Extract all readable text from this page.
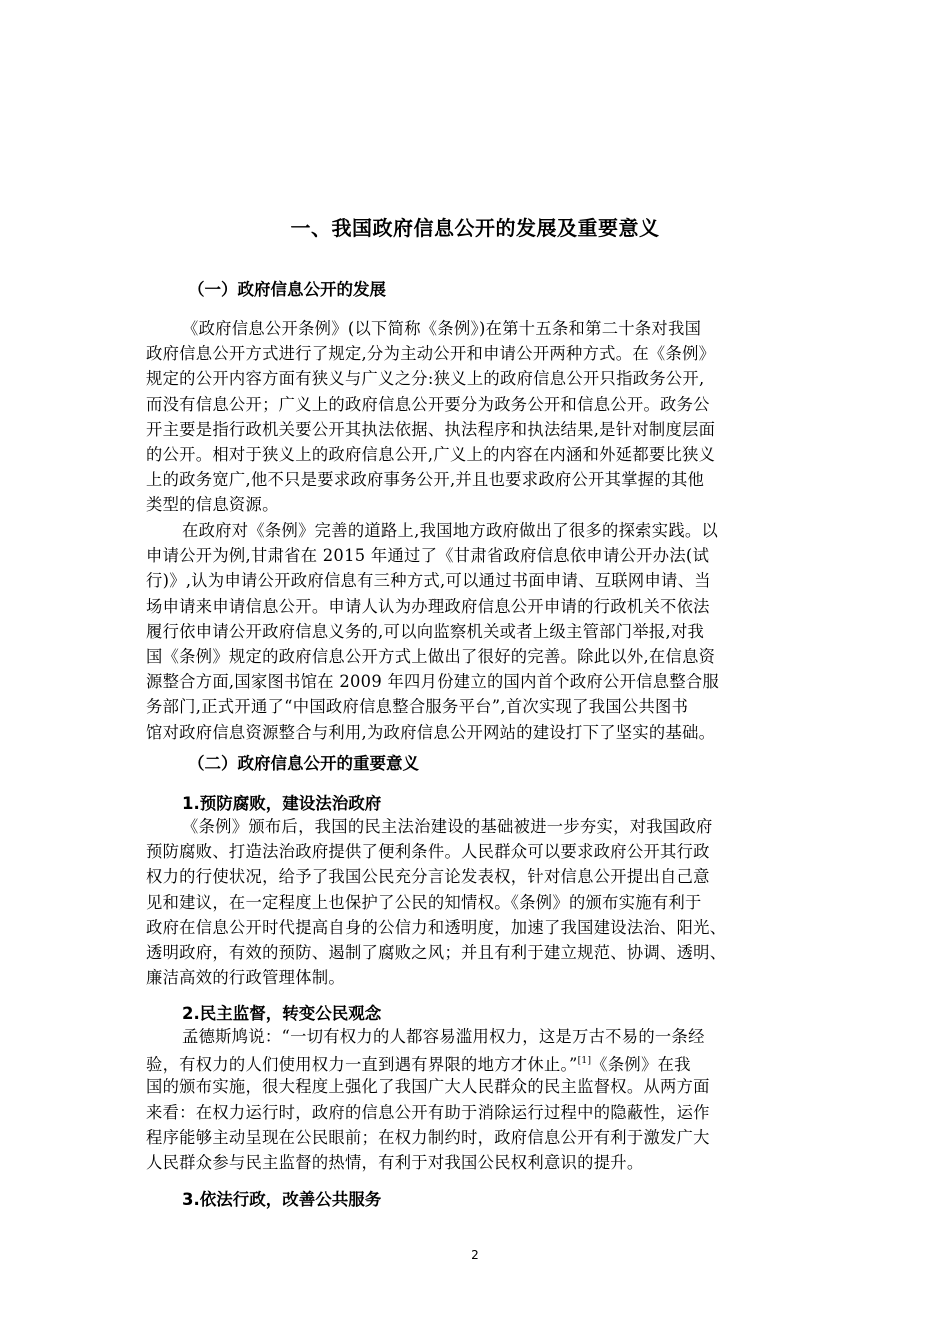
一、我国政府信息公开的发展及重要意义
（一）政府信息公开的发展
《政府信息公开条例》(以下简称《条例》)在第十五条和第二十条对我国
政府信息公开方式进行了规定,分为主动公开和申请公开两种方式。在《条例》
规定的公开内容方面有狭义与广义之分:狭义上的政府信息公开只指政务公开,
而没有信息公开；广义上的政府信息公开要分为政务公开和信息公开。政务公
开主要是指行政机关要公开其执法依据、执法程序和执法结果,是针对制度层面
的公开。相对于狭义上的政府信息公开,广义上的内容在内涵和外延都要比狭义
上的政务宽广,他不只是要求政府事务公开,并且也要求政府公开其掌握的其他
类型的信息资源。
在政府对《条例》完善的道路上,我国地方政府做出了很多的探索实践。以
申请公开为例,甘肃省在 2015 年通过了《甘肃省政府信息依申请公开办法(试
行)》,认为申请公开政府信息有三种方式,可以通过书面申请、互联网申请、当
场申请来申请信息公开。申请人认为办理政府信息公开申请的行政机关不依法
履行依申请公开政府信息义务的,可以向监察机关或者上级主管部门举报,对我
国《条例》规定的政府信息公开方式上做出了很好的完善。除此以外,在信息资
源整合方面,国家图书馆在 2009 年四月份建立的国内首个政府公开信息整合服
务部门,正式开通了“中国政府信息整合服务平台”,首次实现了我国公共图书
馆对政府信息资源整合与利用,为政府信息公开网站的建设打下了坚实的基础。
（二）政府信息公开的重要意义
1.预防腐败，建设法治政府
《条例》颁布后，我国的民主法治建设的基础被进一步夯实，对我国政府
预防腐败、打造法治政府提供了便利条件。人民群众可以要求政府公开其行政
权力的行使状况，给予了我国公民充分言论发表权，针对信息公开提出自己意
见和建议，在一定程度上也保护了公民的知情权。《条例》的颁布实施有利于
政府在信息公开时代提高自身的公信力和透明度，加速了我国建设法治、阳光、
透明政府，有效的预防、遏制了腐败之风；并且有利于建立规范、协调、透明、
廉洁高效的行政管理体制。
2.民主监督，转变公民观念
孟德斯鸠说：“一切有权力的人都容易滥用权力，这是万古不易的一条经
验，有权力的人们使用权力一直到遇有界限的地方才休止。”[1]《条例》在我
国的颁布实施，很大程度上强化了我国广大人民群众的民主监督权。从两方面
来看：在权力运行时，政府的信息公开有助于消除运行过程中的隐蔽性，运作
程序能够主动呈现在公民眼前；在权力制约时，政府信息公开有利于激发广大
人民群众参与民主监督的热情，有利于对我国公民权利意识的提升。
3.依法行政，改善公共服务
2
